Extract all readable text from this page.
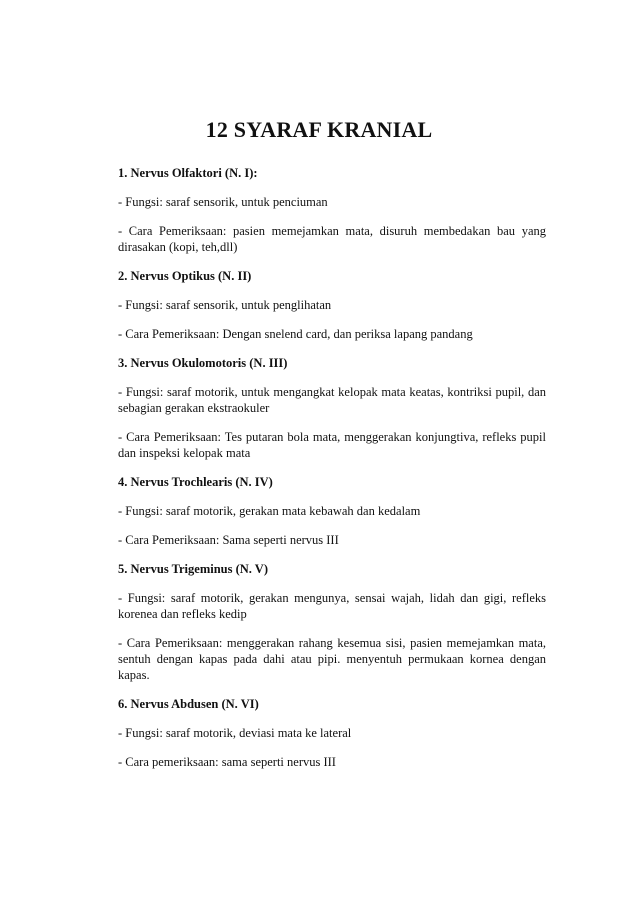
12 SYARAF KRANIAL
1. Nervus Olfaktori (N. I):
- Fungsi: saraf sensorik, untuk penciuman
- Cara Pemeriksaan: pasien memejamkan mata, disuruh membedakan bau yang dirasakan (kopi, teh,dll)
2. Nervus Optikus (N. II)
- Fungsi: saraf sensorik, untuk penglihatan
- Cara Pemeriksaan: Dengan snelend card, dan periksa lapang pandang
3. Nervus Okulomotoris (N. III)
- Fungsi: saraf motorik, untuk mengangkat kelopak mata keatas, kontriksi pupil, dan sebagian gerakan ekstraokuler
- Cara Pemeriksaan: Tes putaran bola mata, menggerakan konjungtiva, refleks pupil dan inspeksi kelopak mata
4. Nervus Trochlearis (N. IV)
- Fungsi: saraf motorik, gerakan mata kebawah dan kedalam
- Cara Pemeriksaan: Sama seperti nervus III
5. Nervus Trigeminus (N. V)
- Fungsi: saraf motorik, gerakan mengunya, sensai wajah, lidah dan gigi, refleks korenea dan refleks kedip
- Cara Pemeriksaan: menggerakan rahang kesemua sisi, pasien memejamkan mata, sentuh dengan kapas pada dahi atau pipi. menyentuh permukaan kornea dengan kapas.
6. Nervus Abdusen (N. VI)
- Fungsi: saraf motorik, deviasi mata ke lateral
- Cara pemeriksaan: sama seperti nervus III
